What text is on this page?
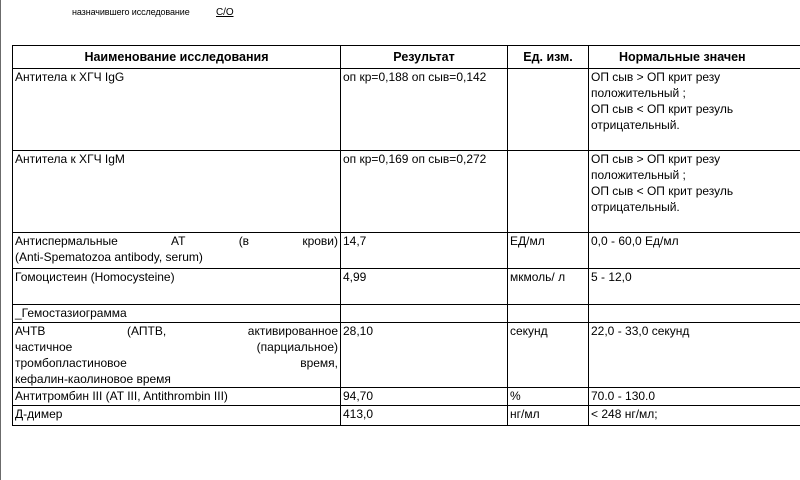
назначившего исследование	С/О
Наименование исследования	Результат	Ед. изм.	Нормальные значен

Антитела к ХГЧ IgG	оп кр=0,188 оп сыв=0,142		ОП сыв > ОП крит резу
положительный ;
ОП сыв < ОП крит резуль
отрицательный.

Антитела к ХГЧ IgM	оп кр=0,169 оп сыв=0,272		ОП сыв > ОП крит резу
положительный ;
ОП сыв < ОП крит резуль
отрицательный.

Антиспермальные АТ (в крови)
(Anti-Spematozoa antibody, serum)	14,7	ЕД/мл	0,0 - 60,0 Ед/мл

Гомоцистеин (Homocysteine)	4,99	мкмоль/ л	5 - 12,0

_Гемостазиограмма			

АЧТВ (АПТВ, активированное
частичное (парциальное)
тромбопластиновое время,
кефалин-каолиновое время	28,10	секунд	22,0 - 33,0 секунд

Антитромбин III (AT III, Antithrombin III)	94,70	%	70.0 - 130.0

Д-димер	413,0	нг/мл	< 248 нг/мл;
